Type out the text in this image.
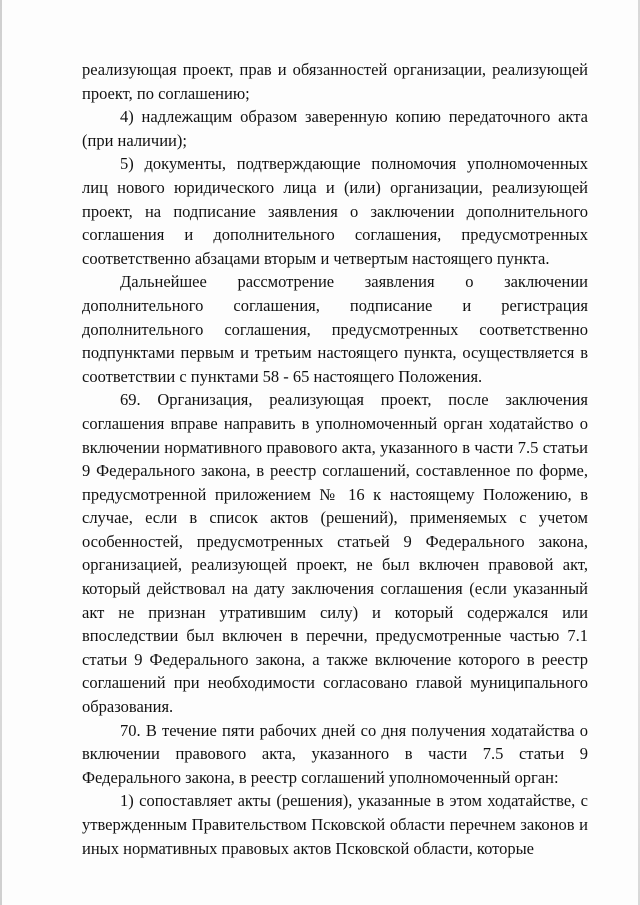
реализующая проект, прав и обязанностей организации, реализующей проект, по соглашению;

4) надлежащим образом заверенную копию передаточного акта (при наличии);

5) документы, подтверждающие полномочия уполномоченных лиц нового юридического лица и (или) организации, реализующей проект, на подписание заявления о заключении дополнительного соглашения и дополнительного соглашения, предусмотренных соответственно абзацами вторым и четвертым настоящего пункта.

Дальнейшее рассмотрение заявления о заключении дополнительного соглашения, подписание и регистрация дополнительного соглашения, предусмотренных соответственно подпунктами первым и третьим настоящего пункта, осуществляется в соответствии с пунктами 58 - 65 настоящего Положения.

69. Организация, реализующая проект, после заключения соглашения вправе направить в уполномоченный орган ходатайство о включении нормативного правового акта, указанного в части 7.5 статьи 9 Федерального закона, в реестр соглашений, составленное по форме, предусмотренной приложением № 16 к настоящему Положению, в случае, если в список актов (решений), применяемых с учетом особенностей, предусмотренных статьей 9 Федерального закона, организацией, реализующей проект, не был включен правовой акт, который действовал на дату заключения соглашения (если указанный акт не признан утратившим силу) и который содержался или впоследствии был включен в перечни, предусмотренные частью 7.1 статьи 9 Федерального закона, а также включение которого в реестр соглашений при необходимости согласовано главой муниципального образования.

70. В течение пяти рабочих дней со дня получения ходатайства о включении правового акта, указанного в части 7.5 статьи 9 Федерального закона, в реестр соглашений уполномоченный орган:

1) сопоставляет акты (решения), указанные в этом ходатайстве, с утвержденным Правительством Псковской области перечнем законов и иных нормативных правовых актов Псковской области, которые
